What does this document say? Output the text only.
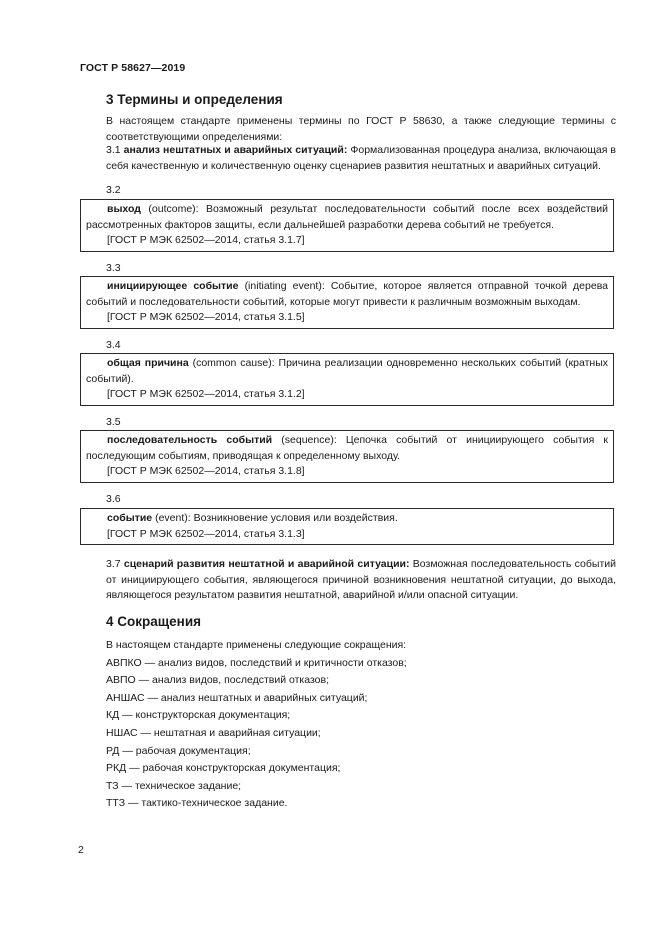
ГОСТ Р 58627—2019
3 Термины и определения
В настоящем стандарте применены термины по ГОСТ Р 58630, а также следующие термины с соответствующими определениями:
3.1 анализ нештатных и аварийных ситуаций: Формализованная процедура анализа, включающая в себя качественную и количественную оценку сценариев развития нештатных и аварийных ситуаций.
3.2
выход (outcome): Возможный результат последовательности событий после всех воздействий рассмотренных факторов защиты, если дальнейшей разработки дерева событий не требуется.
[ГОСТ Р МЭК 62502—2014, статья 3.1.7]
3.3
инициирующее событие (initiating event): Событие, которое является отправной точкой дерева событий и последовательности событий, которые могут привести к различным возможным выходам.
[ГОСТ Р МЭК 62502—2014, статья 3.1.5]
3.4
общая причина (common cause): Причина реализации одновременно нескольких событий (кратных событий).
[ГОСТ Р МЭК 62502—2014, статья 3.1.2]
3.5
последовательность событий (sequence): Цепочка событий от инициирующего события к последующим событиям, приводящая к определенному выходу.
[ГОСТ Р МЭК 62502—2014, статья 3.1.8]
3.6
событие (event): Возникновение условия или воздействия.
[ГОСТ Р МЭК 62502—2014, статья 3.1.3]
3.7 сценарий развития нештатной и аварийной ситуации: Возможная последовательность событий от инициирующего события, являющегося причиной возникновения нештатной ситуации, до выхода, являющегося результатом развития нештатной, аварийной и/или опасной ситуации.
4 Сокращения
В настоящем стандарте применены следующие сокращения:
АВПКО — анализ видов, последствий и критичности отказов;
АВПО — анализ видов, последствий отказов;
АНШАС — анализ нештатных и аварийных ситуаций;
КД — конструкторская документация;
НШАС — нештатная и аварийная ситуации;
РД — рабочая документация;
РКД — рабочая конструкторская документация;
ТЗ — техническое задание;
ТТЗ — тактико-техническое задание.
2
